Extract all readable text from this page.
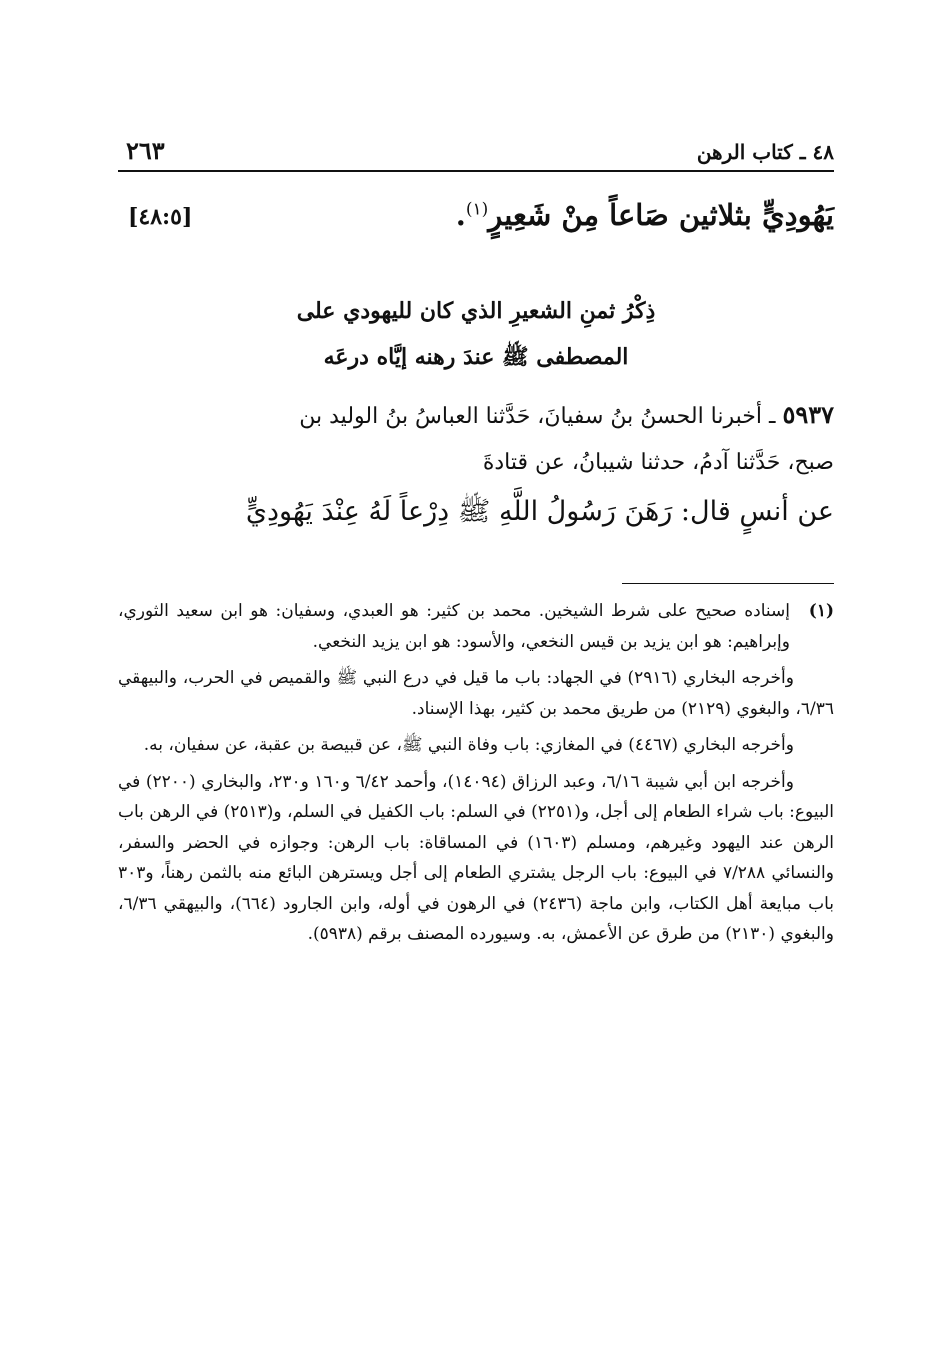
٤٨ ـ كتاب الرهن
٢٦٣
يَهُودِيٍّ بثلاثين صَاعاً مِنْ شَعِيرٍ$^{(١)}$.
[٤٨:٥]
ذِكْرُ ثمنِ الشعيرِ الذي كان لليهودي على
المصطفى ﷺ عندَ رهنه إيَّاه درعَه
٥٩٣٧ ـ أخبرنا الحسنُ بنُ سفيانَ، حَدَّثنا العباسُ بنُ الوليد بن
صبح، حَدَّثنا آدمُ، حدثنا شيبانُ، عن قتادةَ
عن أنسٍ قال: رَهَنَ رَسُولُ اللَّهِ ﷺ دِرْعاً لَهُ عِنْدَ يَهُودِيٍّ
(١)
إسناده صحيح على شرط الشيخين. محمد بن كثير: هو العبدي، وسفيان: هو ابن سعيد الثوري، وإبراهيم: هو ابن يزيد بن قيس النخعي، والأسود: هو ابن يزيد النخعي.

وأخرجه البخاري (٢٩١٦) في الجهاد: باب ما قيل في درع النبي ﷺ والقميص في الحرب، والبيهقي ٦/٣٦، والبغوي (٢١٢٩) من طريق محمد بن كثير، بهذا الإسناد.

وأخرجه البخاري (٤٤٦٧) في المغازي: باب وفاة النبي ﷺ، عن قبيصة بن عقبة، عن سفيان، به.

وأخرجه ابن أبي شيبة ٦/١٦، وعبد الرزاق (١٤٠٩٤)، وأحمد ٦/٤٢ و١٦٠ و٢٣٠، والبخاري (٢٢٠٠) في البيوع: باب شراء الطعام إلى أجل، و(٢٢٥١) في السلم: باب الكفيل في السلم، و(٢٥١٣) في الرهن باب الرهن عند اليهود وغيرهم، ومسلم (١٦٠٣) في المساقاة: باب الرهن: وجوازه في الحضر والسفر، والنسائي ٧/٢٨٨ في البيوع: باب الرجل يشتري الطعام إلى أجل ويسترهن البائع منه بالثمن رهناً، و٣٠٣ باب مبايعة أهل الكتاب، وابن ماجة (٢٤٣٦) في الرهون في أوله، وابن الجارود (٦٦٤)، والبيهقي ٦/٣٦، والبغوي (٢١٣٠) من طرق عن الأعمش، به. وسيورده المصنف برقم (٥٩٣٨).
